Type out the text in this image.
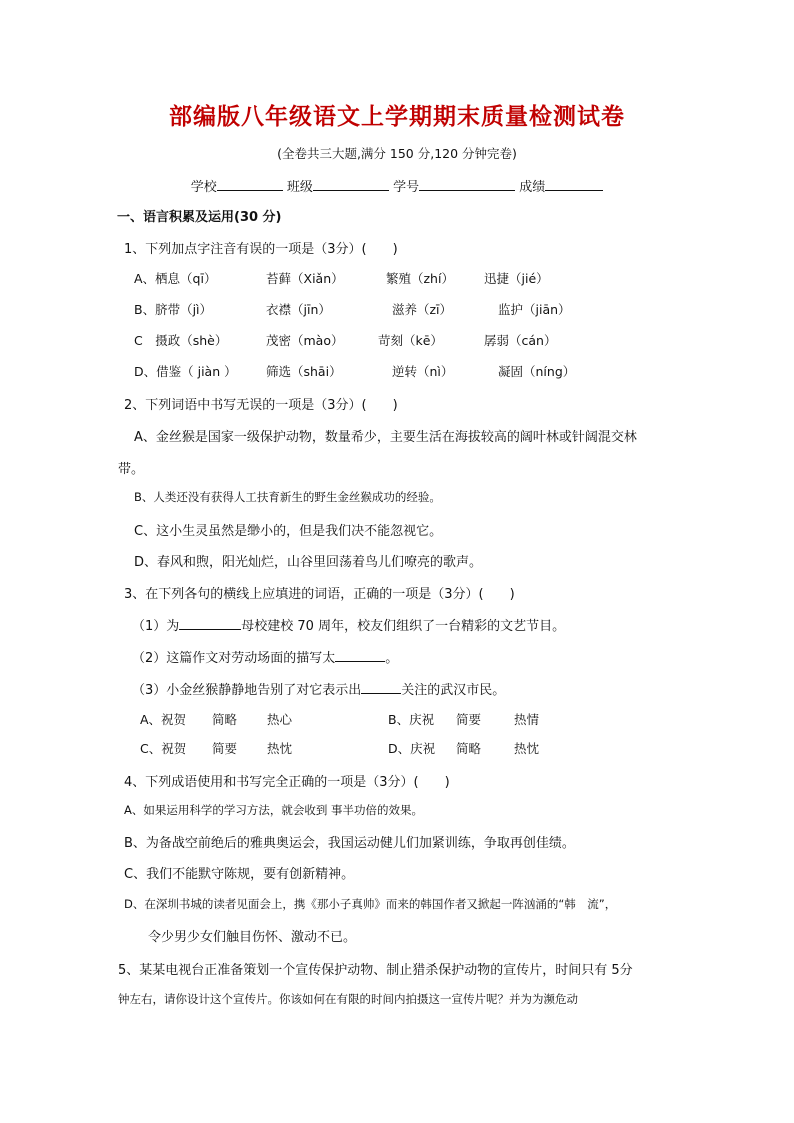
部编版八年级语文上学期期末质量检测试卷
(全卷共三大题,满分 150 分,120 分钟完卷)
学校	班级	学号	成绩
一、语言积累及运用(30 分)
1、下列加点字注音有误的一项是（3分）(　　)
A、栖息（qī）	苔藓（Xiǎn）	繁殖（zhí） 迅捷（jié）
B、脐带（jì）	衣襟（jīn）	滋养（zī）	监护（jiān）
C　摄政（shè）	茂密（mào）	苛刻（kē）	孱弱（cán）
D、借鉴（ jiàn ） 筛选（shāi）	逆转（nì）	凝固（níng）
2、下列词语中书写无误的一项是（3分）(　　)
A、金丝猴是国家一级保护动物，数量希少，主要生活在海拔较高的阔叶林或针阔混交林
带。
B、人类还没有获得人工扶育新生的野生金丝猴成功的经验。
C、这小生灵虽然是缈小的，但是我们决不能忽视它。
D、春风和煦，阳光灿烂，山谷里回荡着鸟儿们嘹亮的歌声。
3、在下列各句的横线上应填进的词语，正确的一项是（3分）(　　)
（1）为	母校建校 70 周年，校友们组织了一台精彩的文艺节目。
（2）这篇作文对劳动场面的描写太	。
（3）小金丝猴静静地告别了对它表示出	关注的武汉市民。
A、祝贺 简略 热心	B、庆祝 简要	热情
C、祝贺 简要 热忱	D、庆祝 简略	热忱
4、下列成语使用和书写完全正确的一项是（3分）(　　)
A、如果运用科学的学习方法，就会收到 事半功倍的效果。
B、为备战空前绝后的雅典奥运会，我国运动健儿们加紧训练，争取再创佳绩。
C、我们不能默守陈规，要有创新精神。
D、在深圳书城的读者见面会上，携《那小子真帅》而来的韩国作者又掀起一阵汹涌的“韩　流”，
令少男少女们触目伤怀、激动不已。
5、某某电视台正准备策划一个宣传保护动物、制止猎杀保护动物的宣传片，时间只有 5分
钟左右，请你设计这个宣传片。你该如何在有限的时间内拍摄这一宣传片呢？并为为濒危动
